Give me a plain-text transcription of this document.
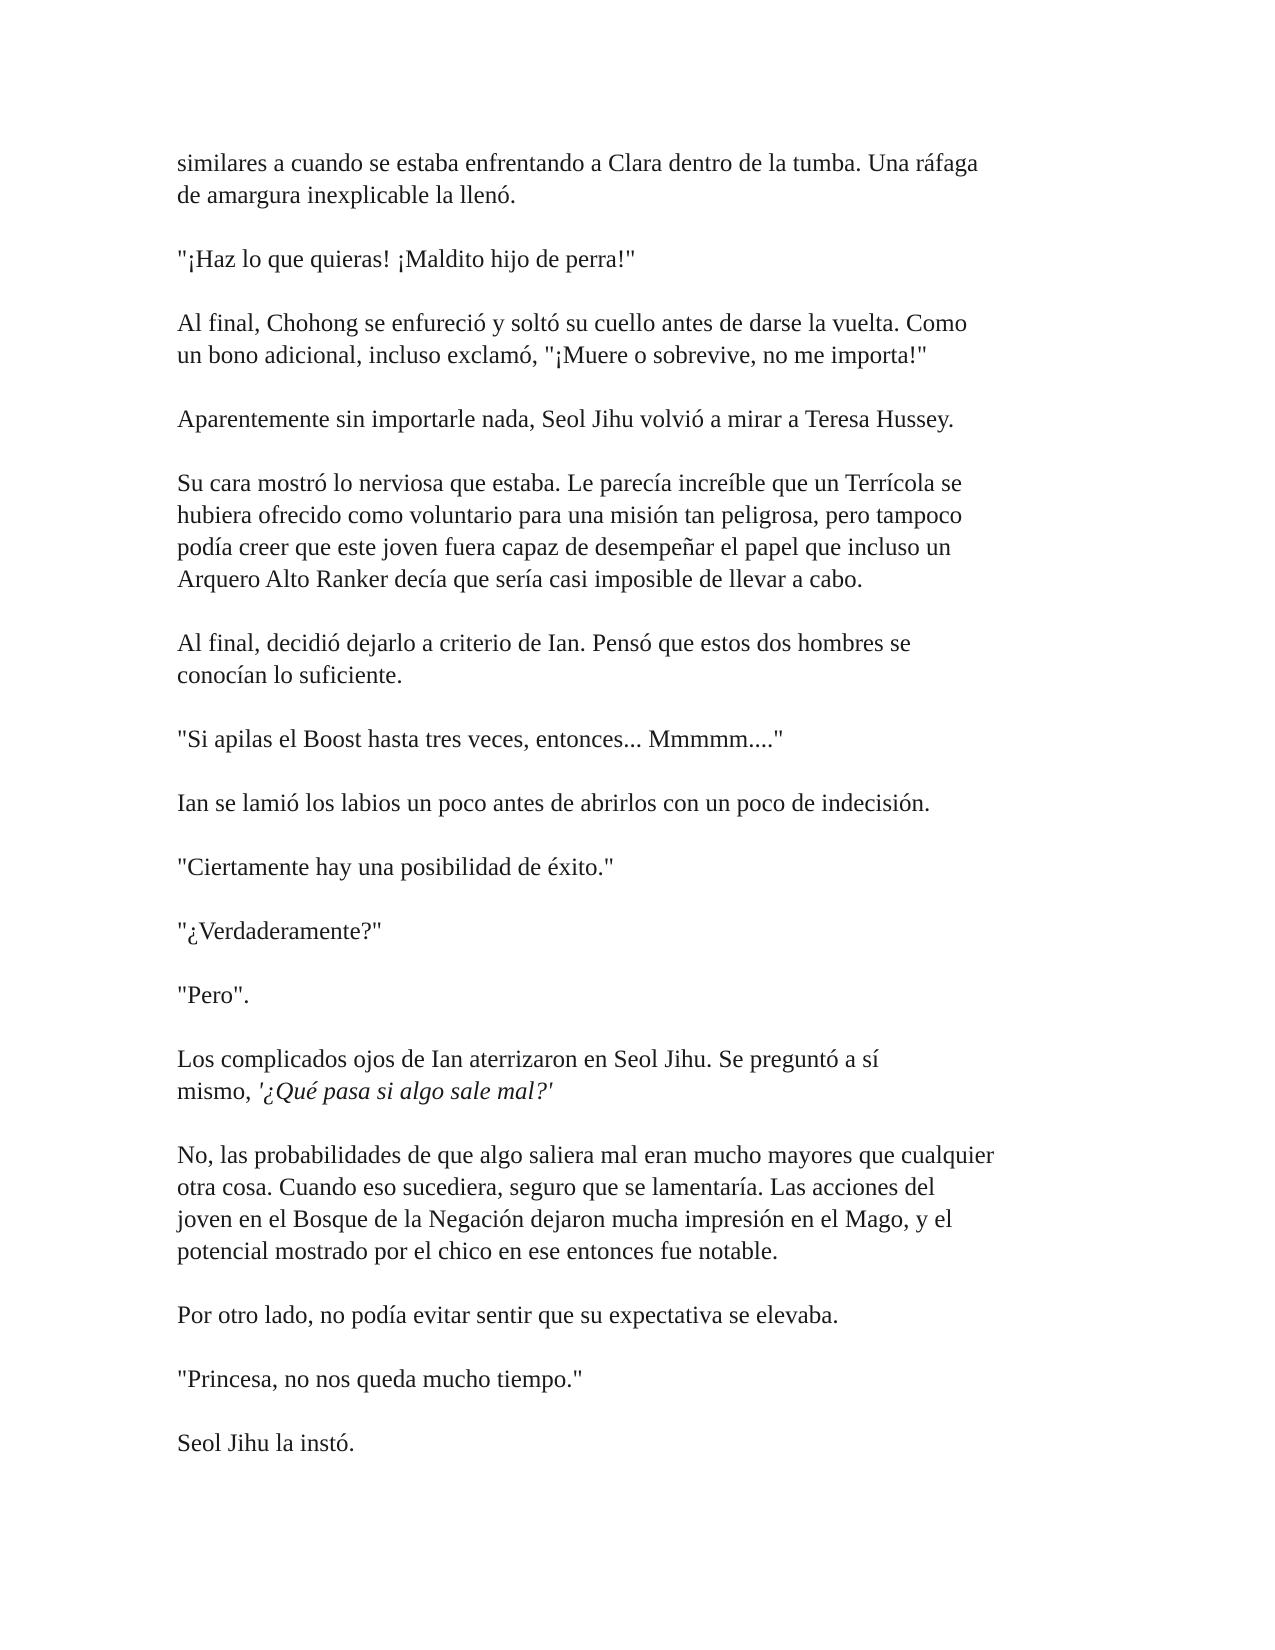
similares a cuando se estaba enfrentando a Clara dentro de la tumba. Una ráfaga
de amargura inexplicable la llenó.

"¡Haz lo que quieras! ¡Maldito hijo de perra!"

Al final, Chohong se enfureció y soltó su cuello antes de darse la vuelta. Como
un bono adicional, incluso exclamó, "¡Muere o sobrevive, no me importa!"

Aparentemente sin importarle nada, Seol Jihu volvió a mirar a Teresa Hussey.

Su cara mostró lo nerviosa que estaba. Le parecía increíble que un Terrícola se
hubiera ofrecido como voluntario para una misión tan peligrosa, pero tampoco
podía creer que este joven fuera capaz de desempeñar el papel que incluso un
Arquero Alto Ranker decía que sería casi imposible de llevar a cabo.

Al final, decidió dejarlo a criterio de Ian. Pensó que estos dos hombres se
conocían lo suficiente.

"Si apilas el Boost hasta tres veces, entonces... Mmmmm...."

Ian se lamió los labios un poco antes de abrirlos con un poco de indecisión.

"Ciertamente hay una posibilidad de éxito."

"¿Verdaderamente?"

"Pero".

Los complicados ojos de Ian aterrizaron en Seol Jihu. Se preguntó a sí
mismo, '¿Qué pasa si algo sale mal?'

No, las probabilidades de que algo saliera mal eran mucho mayores que cualquier
otra cosa. Cuando eso sucediera, seguro que se lamentaría. Las acciones del
joven en el Bosque de la Negación dejaron mucha impresión en el Mago, y el
potencial mostrado por el chico en ese entonces fue notable.

Por otro lado, no podía evitar sentir que su expectativa se elevaba.

"Princesa, no nos queda mucho tiempo."

Seol Jihu la instó.
